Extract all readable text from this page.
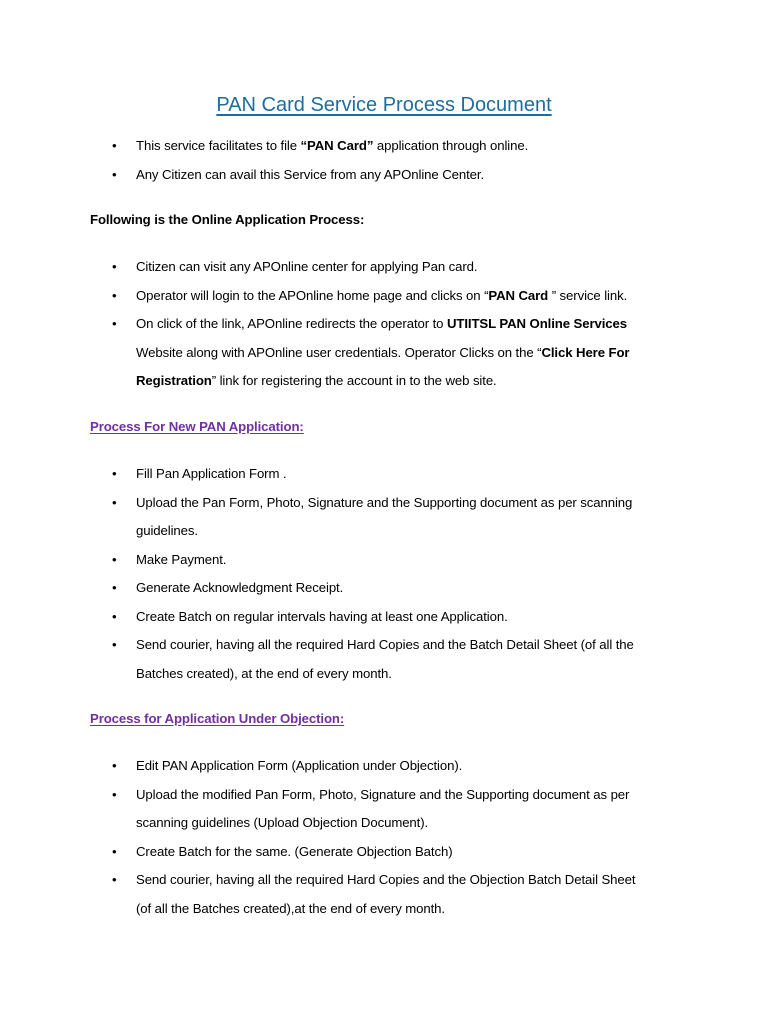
PAN Card Service Process Document
• This service facilitates to file “PAN Card” application through online.
• Any Citizen can avail this Service from any APOnline Center.
Following is the Online Application Process:
• Citizen can visit any APOnline center for applying Pan card.
• Operator will login to the APOnline home page and clicks on “PAN Card ” service link.
• On click of the link, APOnline redirects the operator to UTIITSL PAN Online Services
Website along with APOnline user credentials. Operator Clicks on the “Click Here For
Registration” link for registering the account in to the web site.
Process For New PAN Application:
• Fill Pan Application Form .
• Upload the Pan Form, Photo, Signature and the Supporting document as per scanning
guidelines.
• Make Payment.
• Generate Acknowledgment Receipt.
• Create Batch on regular intervals having at least one Application.
• Send courier, having all the required Hard Copies and the Batch Detail Sheet (of all the
Batches created), at the end of every month.
Process for Application Under Objection:
• Edit PAN Application Form (Application under Objection).
• Upload the modified Pan Form, Photo, Signature and the Supporting document as per
scanning guidelines (Upload Objection Document).
• Create Batch for the same. (Generate Objection Batch)
• Send courier, having all the required Hard Copies and the Objection Batch Detail Sheet
(of all the Batches created),at the end of every month.
